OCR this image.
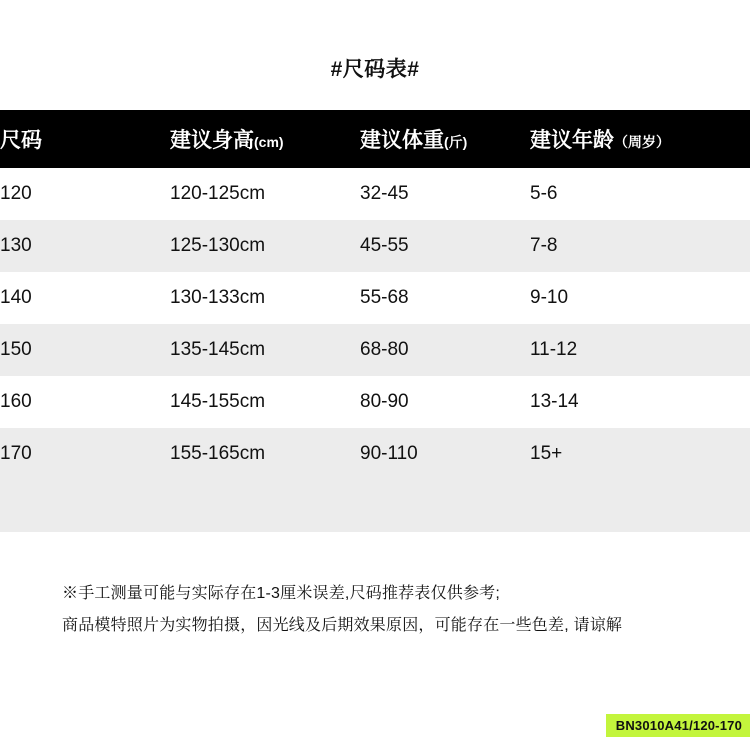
#尺码表#
尺码	建议身高(cm)	建议体重(斤)	建议年龄（周岁）
120	120-125cm	32-45	5-6
130	125-130cm	45-55	7-8
140	130-133cm	55-68	9-10
150	135-145cm	68-80	11-12
160	145-155cm	80-90	13-14
170	155-165cm	90-110	15+
※手工测量可能与实际存在1-3厘米误差,尺码推荐表仅供参考;
商品模特照片为实物拍摄，因光线及后期效果原因，可能存在一些色差, 请谅解
BN3010A41/120-170
